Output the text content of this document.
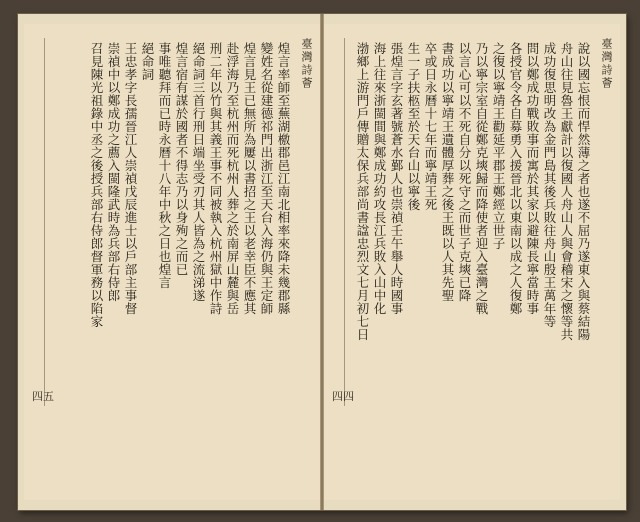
臺灣詩薈
煌言率師至蕪湖檄郡邑江南北相率來降未幾郡縣
變姓名從建德祁門出浙江至天台入海仍與王定師
煌言見王已無所為屢以書招之王以老幸臣不應其
赴浮海乃至杭州而死杭州人葬之於南屏山麓與岳
刑二年以竹與其義王事不同被執入杭州獄中作詩
絕命詞三首行刑日端坐受刃其人皆為之流涕遂
煌言宿有謀於國者不得志乃以身殉之而已
事唯聽拜而已時永曆十八年中秋之日也煌言
絕命詞
王忠孝字長孺晉江人崇禎戊辰進士以戶部主事督
崇禎中以鄭成功之薦入閩隆武時為兵部右侍郎
召見陳光祖錄中丞之後授兵部右侍郎督軍務以陷家
四五
臺灣詩薈
說以國忘恨而悍然薄之者也遂不屈乃遂東入與蔡結陽
舟山往見魯王獻計以復國人舟山人與會稽宋之懷等共
成功復思明改為金門島其後兵敗往舟山殷王萬年等
問以鄭成功戰敗事而寓於其家以避陳長寧當時事
各授官令各自募勇入援晉北以東南以成之人復鄭
之復以寧靖王勸延平郡王鄭經立世子
乃以寧宗室自從鄭克塽歸而降使者迎入臺灣之戰
以言心可以不死自分以死守之而世子克塽已降
書成功以寧靖王遺體厚葬之後王既以人其先聖
卒或日永曆十七年而寧靖王死
生一子扶柩至於天台山以寧後
張煌言字玄著號蒼水鄞人也崇禎壬午舉人時國事
海上往來浙閩間與鄭成功約攻長江兵敗入山中化
渤鄉上游門戶傳贈太保兵部尚書諡忠烈文七月初七日
四四
